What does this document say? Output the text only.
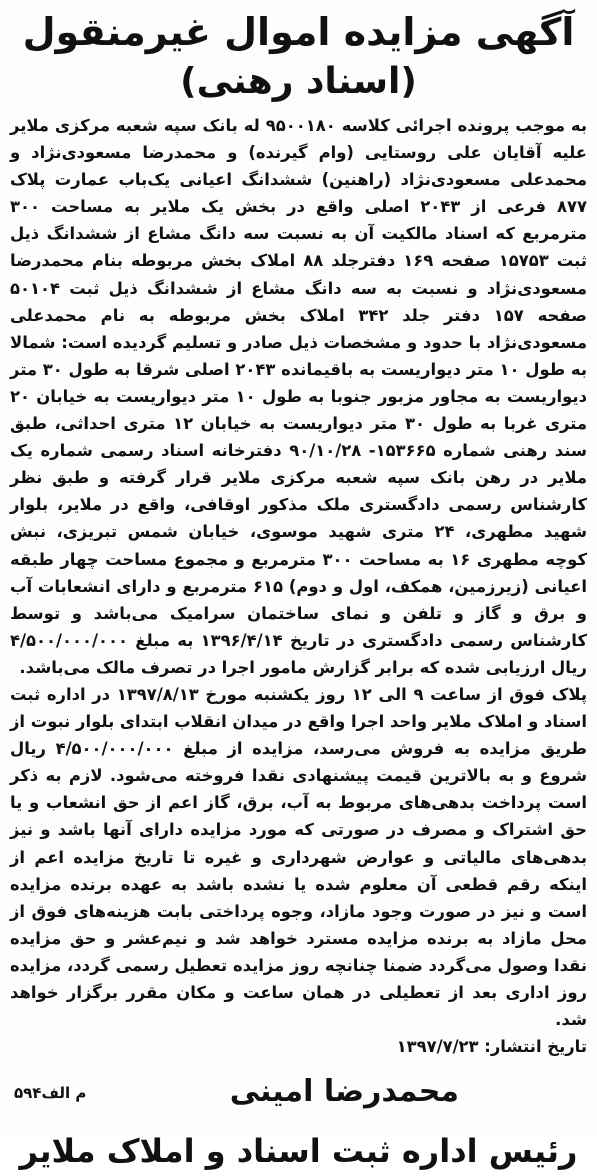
آگهی مزایده اموال غیرمنقول
(اسناد رهنی)

به موجب پرونده اجرائی کلاسه ۹۵۰۰۱۸۰ له بانک سپه شعبه مرکزی ملایر علیه آقایان علی روستایی (وام گیرنده) و محمدرضا مسعودی‌نژاد و محمدعلی مسعودی‌نژاد (راهنین) ششدانگ اعیانی یک‌باب عمارت پلاک ۸۷۷ فرعی از ۲۰۴۳ اصلی واقع در بخش یک ملایر به مساحت ۳۰۰ مترمربع که اسناد مالکیت آن به نسبت سه دانگ مشاع از ششدانگ ذیل ثبت ۱۵۷۵۳ صفحه ۱۶۹ دفترجلد ۸۸ املاک بخش مربوطه بنام محمدرضا مسعودی‌نژاد و نسبت به سه دانگ مشاع از ششدانگ ذیل ثبت ۵۰۱۰۴ صفحه ۱۵۷ دفتر جلد ۳۴۲ املاک بخش مربوطه به نام محمدعلی مسعودی‌نژاد با حدود و مشخصات ذیل صادر و تسلیم گردیده است: شمالا به طول ۱۰ متر دیواریست به باقیمانده ۲۰۴۳ اصلی شرقا به طول ۳۰ متر دیواریست به مجاور مزبور جنوبا به طول ۱۰ متر دیواریست به خیابان ۲۰ متری غربا به طول ۳۰ متر دیواریست به خیابان ۱۲ متری احداثی، طبق سند رهنی شماره ۱۵۳۶۶۵- ۹۰/۱۰/۲۸ دفترخانه اسناد رسمی شماره یک ملایر در رهن بانک سپه شعبه مرکزی ملایر قرار گرفته و طبق نظر کارشناس رسمی دادگستری ملک مذکور اوقافی، واقع در ملایر، بلوار شهید مطهری، ۲۴ متری شهید موسوی، خیابان شمس تبریزی، نبش کوچه مطهری ۱۶ به مساحت ۳۰۰ مترمربع و مجموع مساحت چهار طبقه اعیانی (زیرزمین، همکف، اول و دوم) ۶۱۵ مترمربع و دارای انشعابات آب و برق و گاز و تلفن و نمای ساختمان سرامیک می‌باشد و توسط کارشناس رسمی دادگستری در تاریخ ۱۳۹۶/۴/۱۴ به مبلغ ۴/۵۰۰/۰۰۰/۰۰۰ ریال ارزیابی شده که برابر گزارش مامور اجرا در تصرف مالک می‌باشد.

پلاک فوق از ساعت ۹ الی ۱۲ روز یکشنبه مورخ ۱۳۹۷/۸/۱۳ در اداره ثبت اسناد و املاک ملایر واحد اجرا واقع در میدان انقلاب ابتدای بلوار نبوت از طریق مزایده به فروش می‌رسد، مزایده از مبلغ ۴/۵۰۰/۰۰۰/۰۰۰ ریال شروع و به بالاترین قیمت پیشنهادی نقدا فروخته می‌شود. لازم به ذکر است پرداخت بدهی‌های مربوط به آب، برق، گاز اعم از حق انشعاب و یا حق اشتراک و مصرف در صورتی که مورد مزایده دارای آنها باشد و نیز بدهی‌های مالیاتی و عوارض شهرداری و غیره تا تاریخ مزایده اعم از اینکه رقم قطعی آن معلوم شده یا نشده باشد به عهده برنده مزایده است و نیز در صورت وجود مازاد، وجوه پرداختی بابت هزینه‌های فوق از محل مازاد به برنده مزایده مسترد خواهد شد و نیم‌عشر و حق مزایده نقدا وصول می‌گردد ضمنا چنانچه روز مزایده تعطیل رسمی گردد، مزایده روز اداری بعد از تعطیلی در همان ساعت و مکان مقرر برگزار خواهد شد.

تاریخ انتشار: ۱۳۹۷/۷/۲۳

محمدرضا امینی
م الف۵۹۴
رئیس اداره ثبت اسناد و املاک ملایر
